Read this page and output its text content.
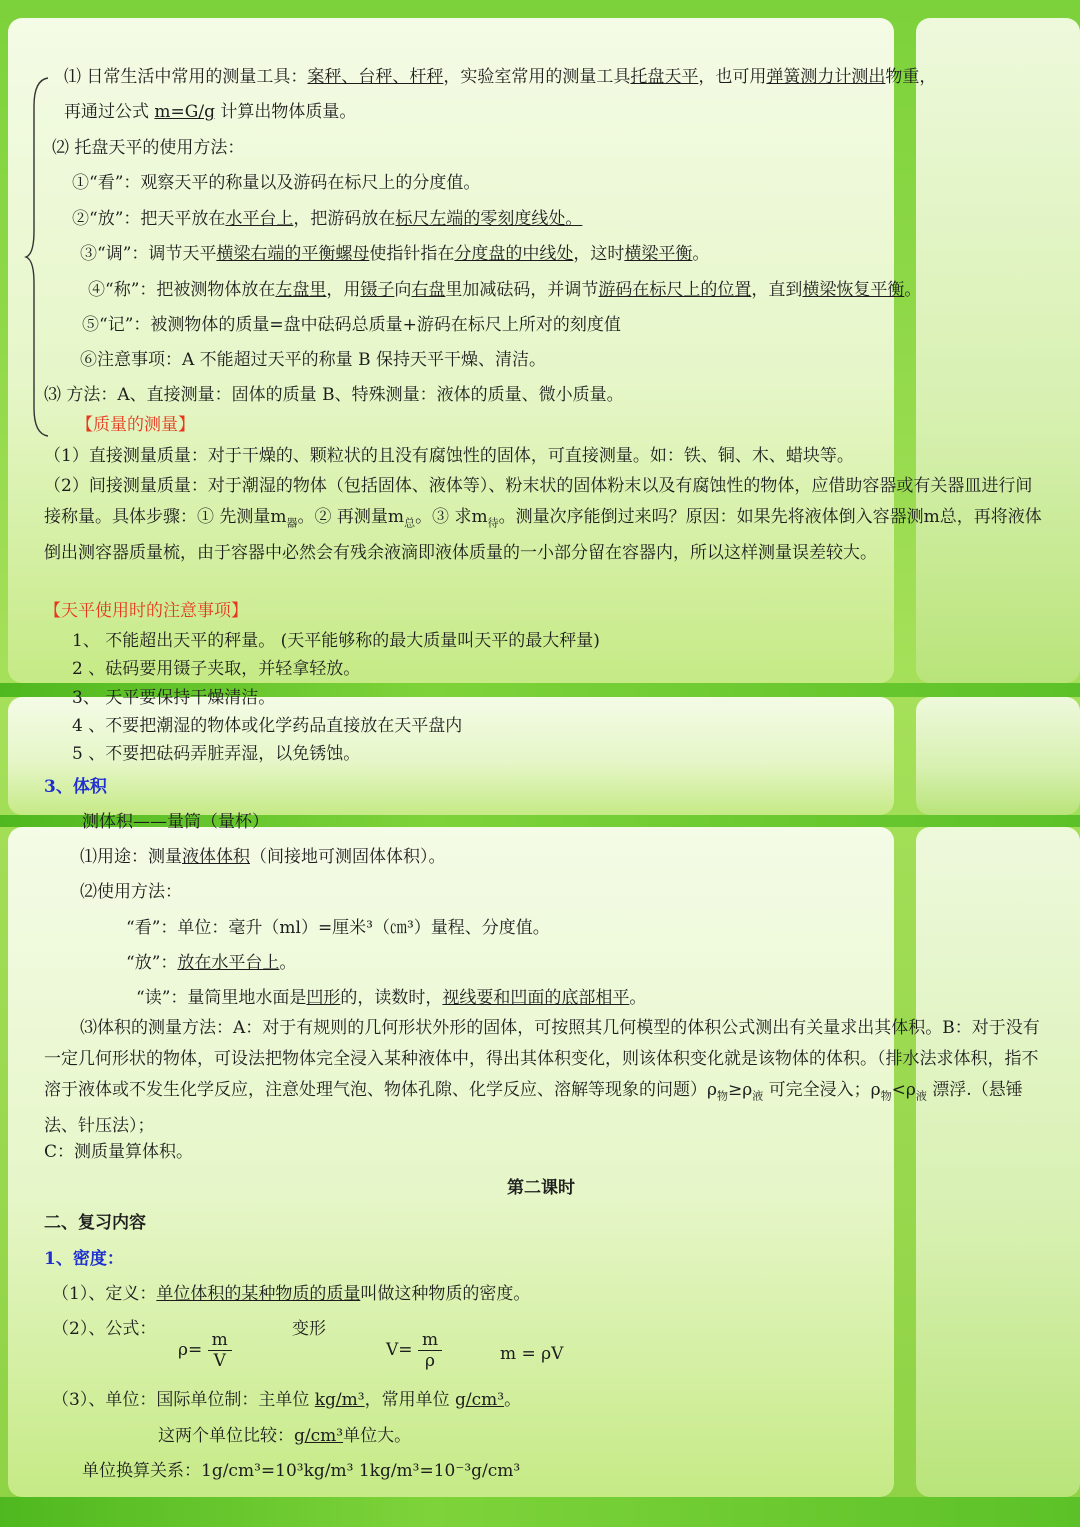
⑴ 日常生活中常用的测量工具：案秤、台秤、杆秤，实验室常用的测量工具托盘天平，也可用弹簧测力计测出物重，
再通过公式 m=G/g 计算出物体质量。
⑵ 托盘天平的使用方法：
①“看”：观察天平的称量以及游码在标尺上的分度值。
②“放”：把天平放在水平台上，把游码放在标尺左端的零刻度线处。
③“调”：调节天平横梁右端的平衡螺母使指针指在分度盘的中线处，这时横梁平衡。
④“称”：把被测物体放在左盘里，用镊子向右盘里加减砝码，并调节游码在标尺上的位置，直到横梁恢复平衡。
⑤“记”：被测物体的质量=盘中砝码总质量+游码在标尺上所对的刻度值
⑥注意事项：A 不能超过天平的称量 B 保持天平干燥、清洁。
⑶ 方法：A、直接测量：固体的质量 B、特殊测量：液体的质量、微小质量。
【质量的测量】
（1）直接测量质量：对于干燥的、颗粒状的且没有腐蚀性的固体，可直接测量。如：铁、铜、木、蜡块等。
（2）间接测量质量：对于潮湿的物体（包括固体、液体等）、粉末状的固体粉末以及有腐蚀性的物体，应借助容器或有关器皿进行间接称量。具体步骤：① 先测量$m_器$。② 再测量$m_总$。③ 求$m_待$。测量次序能倒过来吗？原因：如果先将液体倒入容器测m总，再将液体倒出测容器质量梳，由于容器中必然会有残余液滴即液体质量的一小部分留在容器内，所以这样测量误差较大。
【天平使用时的注意事项】
1、 不能超出天平的秤量。 (天平能够称的最大质量叫天平的最大秤量)
2 、砝码要用镊子夹取，并轻拿轻放。
3、 天平要保持干燥清洁。
4 、不要把潮湿的物体或化学药品直接放在天平盘内
5 、不要把砝码弄脏弄湿，以免锈蚀。
3、体积
测体积——量筒（量杯）
⑴用途：测量液体体积（间接地可测固体体积）。
⑵使用方法：
“看”：单位：毫升（ml）=厘米³（㎝³）量程、分度值。
“放”：放在水平台上。
“读”：量筒里地水面是凹形的，读数时，视线要和凹面的底部相平。
⑶体积的测量方法：A：对于有规则的几何形状外形的固体，可按照其几何模型的体积公式测出有关量求出其体积。B：对于没有一定几何形状的物体，可设法把物体完全浸入某种液体中，得出其体积变化，则该体积变化就是该物体的体积。（排水法求体积，指不溶于液体或不发生化学反应，注意处理气泡、物体孔隙、化学反应、溶解等现象的问题）$\rho_物\ge\rho_液$ 可完全浸入；$\rho_物<\rho_液$ 漂浮.（悬锤法、针压法）；
C：测质量算体积。
第二课时
二、复习内容
1、密度：
（1）、定义：单位体积的某种物质的质量叫做这种物质的密度。
（2）、公式：	变形
$\rho= \frac{m}{V}$	$V= \frac{m}{\rho}$	m = ρV
（3）、单位：国际单位制：主单位 kg/m³，常用单位 g/cm³。
这两个单位比较：g/cm³单位大。
单位换算关系：1g/cm³=10³kg/m³ 1kg/m³=10⁻³g/cm³
